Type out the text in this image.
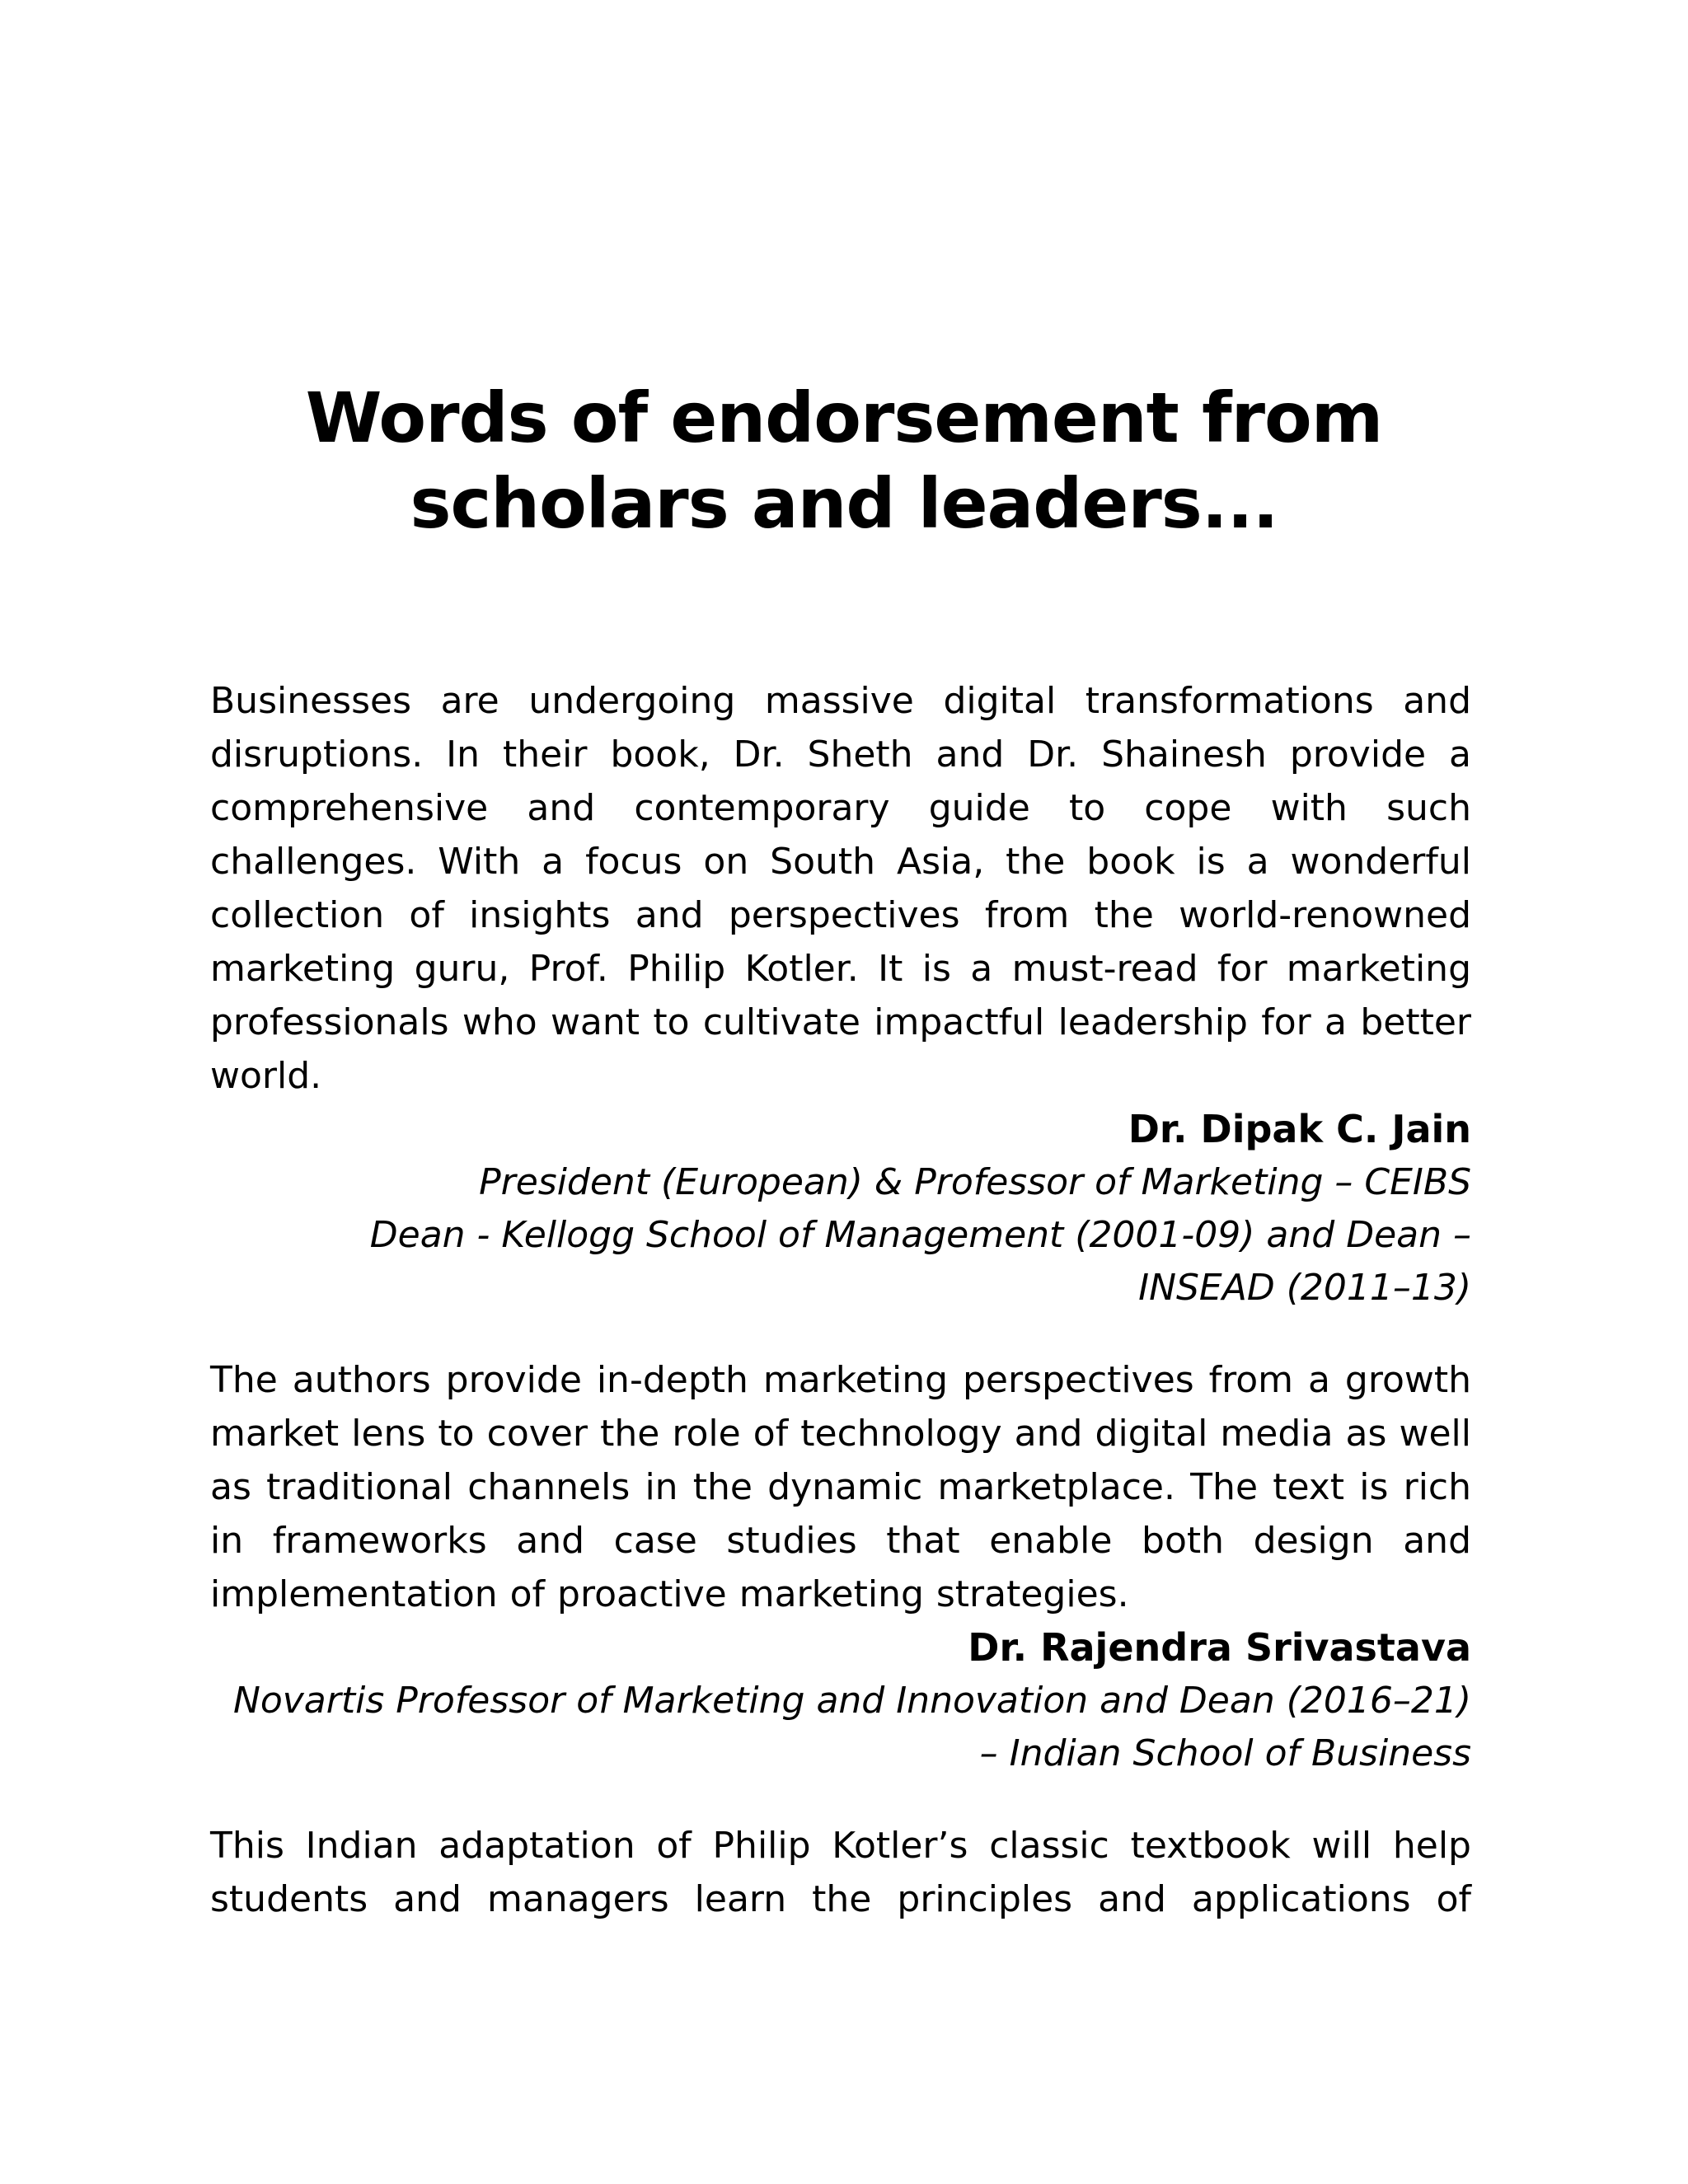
Words of endorsement from
scholars and leaders...

Businesses are undergoing massive digital transformations and disruptions. In their book, Dr. Sheth and Dr. Shainesh provide a comprehensive and contemporary guide to cope with such challenges. With a focus on South Asia, the book is a wonderful collection of insights and perspectives from the world-renowned marketing guru, Prof. Philip Kotler. It is a must-read for marketing professionals who want to cultivate impactful leadership for a better world.

Dr. Dipak C. Jain
President (European) & Professor of Marketing – CEIBS
Dean - Kellogg School of Management (2001-09) and Dean –
INSEAD (2011–13)

The authors provide in-depth marketing perspectives from a growth market lens to cover the role of technology and digital media as well as traditional channels in the dynamic marketplace. The text is rich in frameworks and case studies that enable both design and implementation of proactive marketing strategies.

Dr. Rajendra Srivastava
Novartis Professor of Marketing and Innovation and Dean (2016–21)
– Indian School of Business

This Indian adaptation of Philip Kotler’s classic textbook will help students and managers learn the principles and applications of
